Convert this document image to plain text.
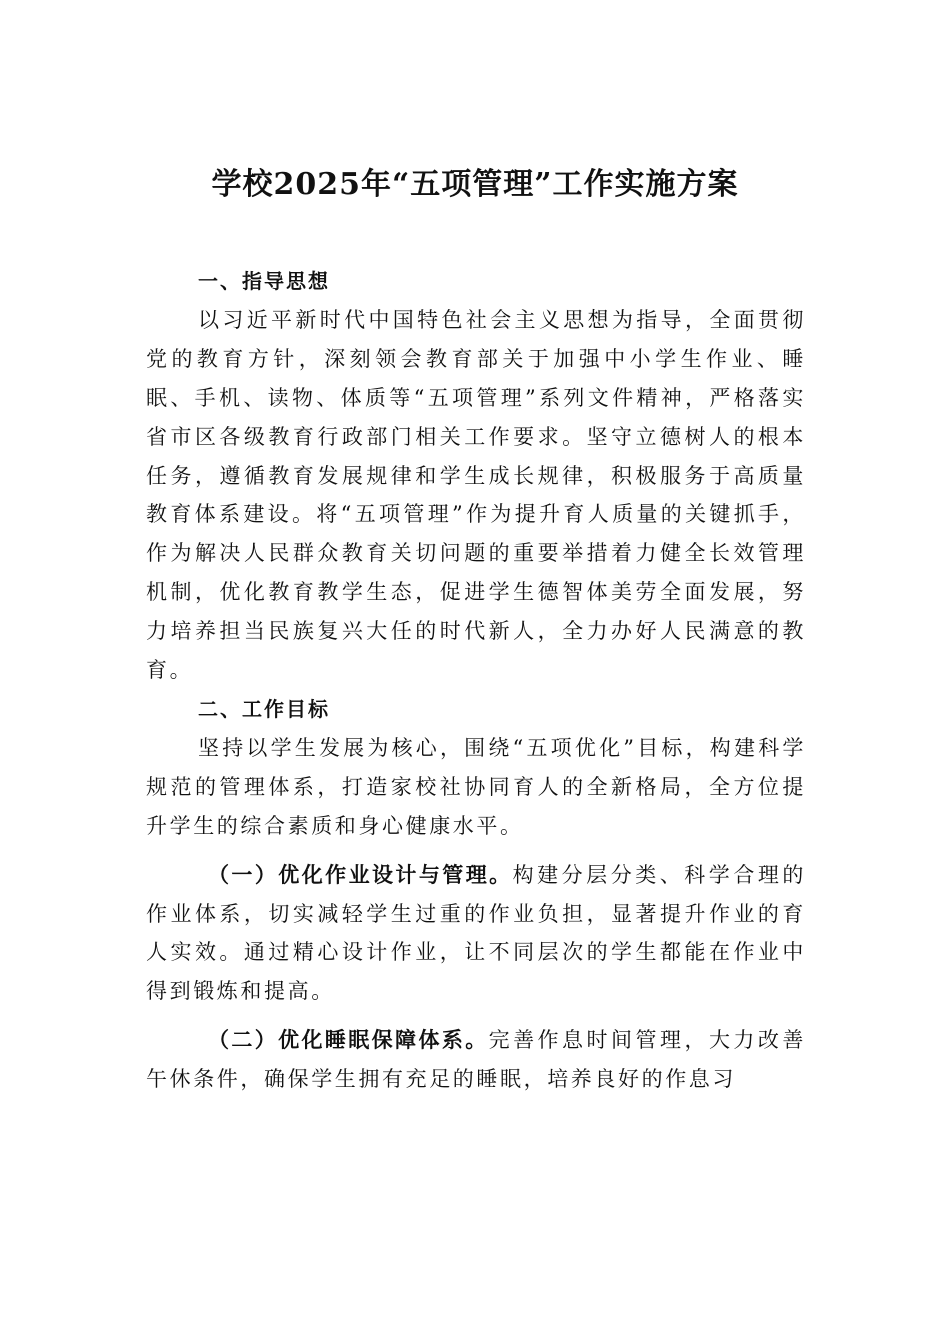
学校2025年“五项管理”工作实施方案

一、指导思想

以习近平新时代中国特色社会主义思想为指导，全面贯彻党的教育方针，深刻领会教育部关于加强中小学生作业、睡眠、手机、读物、体质等“五项管理”系列文件精神，严格落实省市区各级教育行政部门相关工作要求。坚守立德树人的根本任务，遵循教育发展规律和学生成长规律，积极服务于高质量教育体系建设。将“五项管理”作为提升育人质量的关键抓手，作为解决人民群众教育关切问题的重要举措着力健全长效管理机制，优化教育教学生态，促进学生德智体美劳全面发展，努力培养担当民族复兴大任的时代新人，全力办好人民满意的教育。

二、工作目标

坚持以学生发展为核心，围绕“五项优化”目标，构建科学规范的管理体系，打造家校社协同育人的全新格局，全方位提升学生的综合素质和身心健康水平。

（一）优化作业设计与管理。构建分层分类、科学合理的作业体系，切实减轻学生过重的作业负担，显著提升作业的育人实效。通过精心设计作业，让不同层次的学生都能在作业中得到锻炼和提高。

（二）优化睡眠保障体系。完善作息时间管理，大力改善午休条件，确保学生拥有充足的睡眠，培养良好的作息习
